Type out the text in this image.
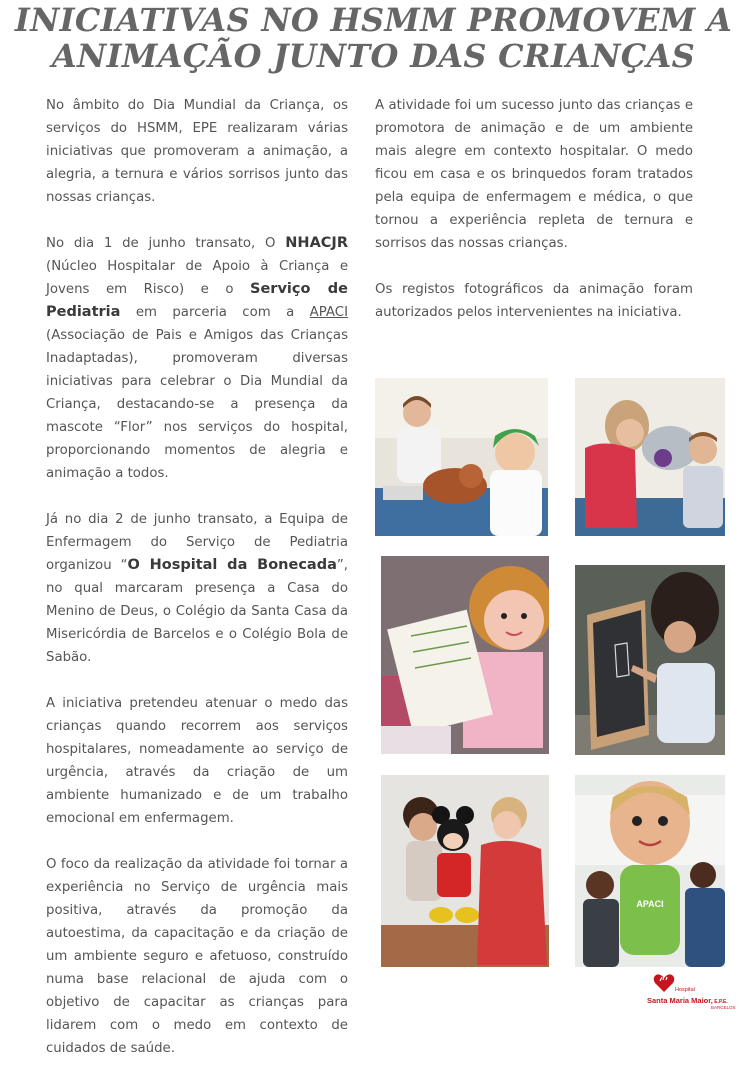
INICIATIVAS NO HSMM PROMOVEM A
ANIMAÇÃO JUNTO DAS CRIANÇAS

No âmbito do Dia Mundial da Criança, os serviços do HSMM, EPE realizaram várias iniciativas que promoveram a animação, a alegria, a ternura e vários sorrisos junto das nossas crianças.

No dia 1 de junho transato, O NHACJR (Núcleo Hospitalar de Apoio à Criança e Jovens em Risco) e o Serviço de Pediatria em parceria com a APACI (Associação de Pais e Amigos das Crianças Inadaptadas), promoveram diversas iniciativas para celebrar o Dia Mundial da Criança, destacando-se a presença da mascote “Flor” nos serviços do hospital, proporcionando momentos de alegria e animação a todos.

Já no dia 2 de junho transato, a Equipa de Enfermagem do Serviço de Pediatria organizou “O Hospital da Bonecada”, no qual marcaram presença a Casa do Menino de Deus, o Colégio da Santa Casa da Misericórdia de Barcelos e o Colégio Bola de Sabão.

A iniciativa pretendeu atenuar o medo das crianças quando recorrem aos serviços hospitalares, nomeadamente ao serviço de urgência, através da criação de um ambiente humanizado e de um trabalho emocional em enfermagem.

O foco da realização da atividade foi tornar a experiência no Serviço de urgência mais positiva, através da promoção da autoestima, da capacitação e da criação de um ambiente seguro e afetuoso, construído numa base relacional de ajuda com o objetivo de capacitar as crianças para lidarem com o medo em contexto de cuidados de saúde.

A atividade foi um sucesso junto das crianças e promotora de animação e de um ambiente mais alegre em contexto hospitalar. O medo ficou em casa e os brinquedos foram tratados pela equipa de enfermagem e médica, o que tornou a experiência repleta de ternura e sorrisos das nossas crianças.

Os registos fotográficos da animação foram autorizados pelos intervenientes na iniciativa.

APACI
Hospital
Santa Maria Maior, E.P.E.
BARCELOS
